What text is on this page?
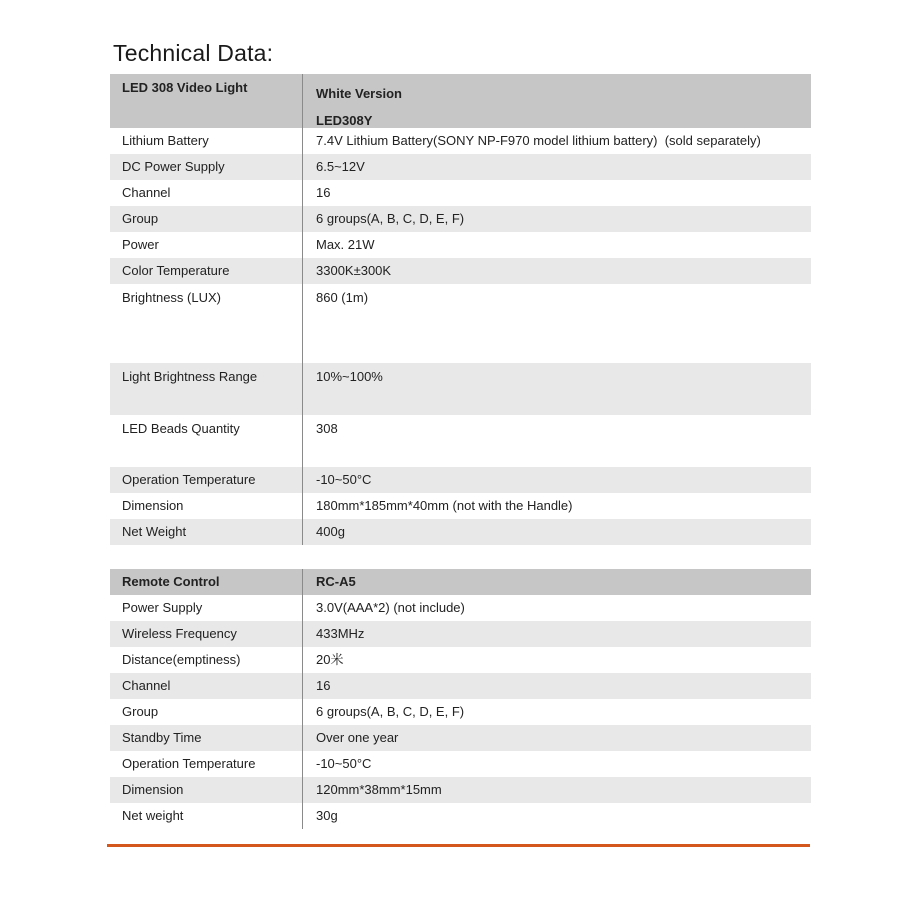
Technical Data:
LED 308 Video Light	White Version
LED308Y
Lithium Battery	7.4V Lithium Battery(SONY NP-F970 model lithium battery)  (sold separately)
DC Power Supply	6.5~12V
Channel	16
Group	6 groups(A, B, C, D, E, F)
Power	Max. 21W
Color Temperature	3300K±300K
Brightness (LUX)	860 (1m)
Light Brightness Range	10%~100%
LED Beads Quantity	308
Operation Temperature	-10~50°C
Dimension	180mm*185mm*40mm (not with the Handle)
Net Weight	400g
Remote Control	RC-A5
Power Supply	3.0V(AAA*2) (not include)
Wireless Frequency	433MHz
Distance(emptiness)	20米
Channel	16
Group	6 groups(A, B, C, D, E, F)
Standby Time	Over one year
Operation Temperature	-10~50°C
Dimension	120mm*38mm*15mm
Net weight	30g
